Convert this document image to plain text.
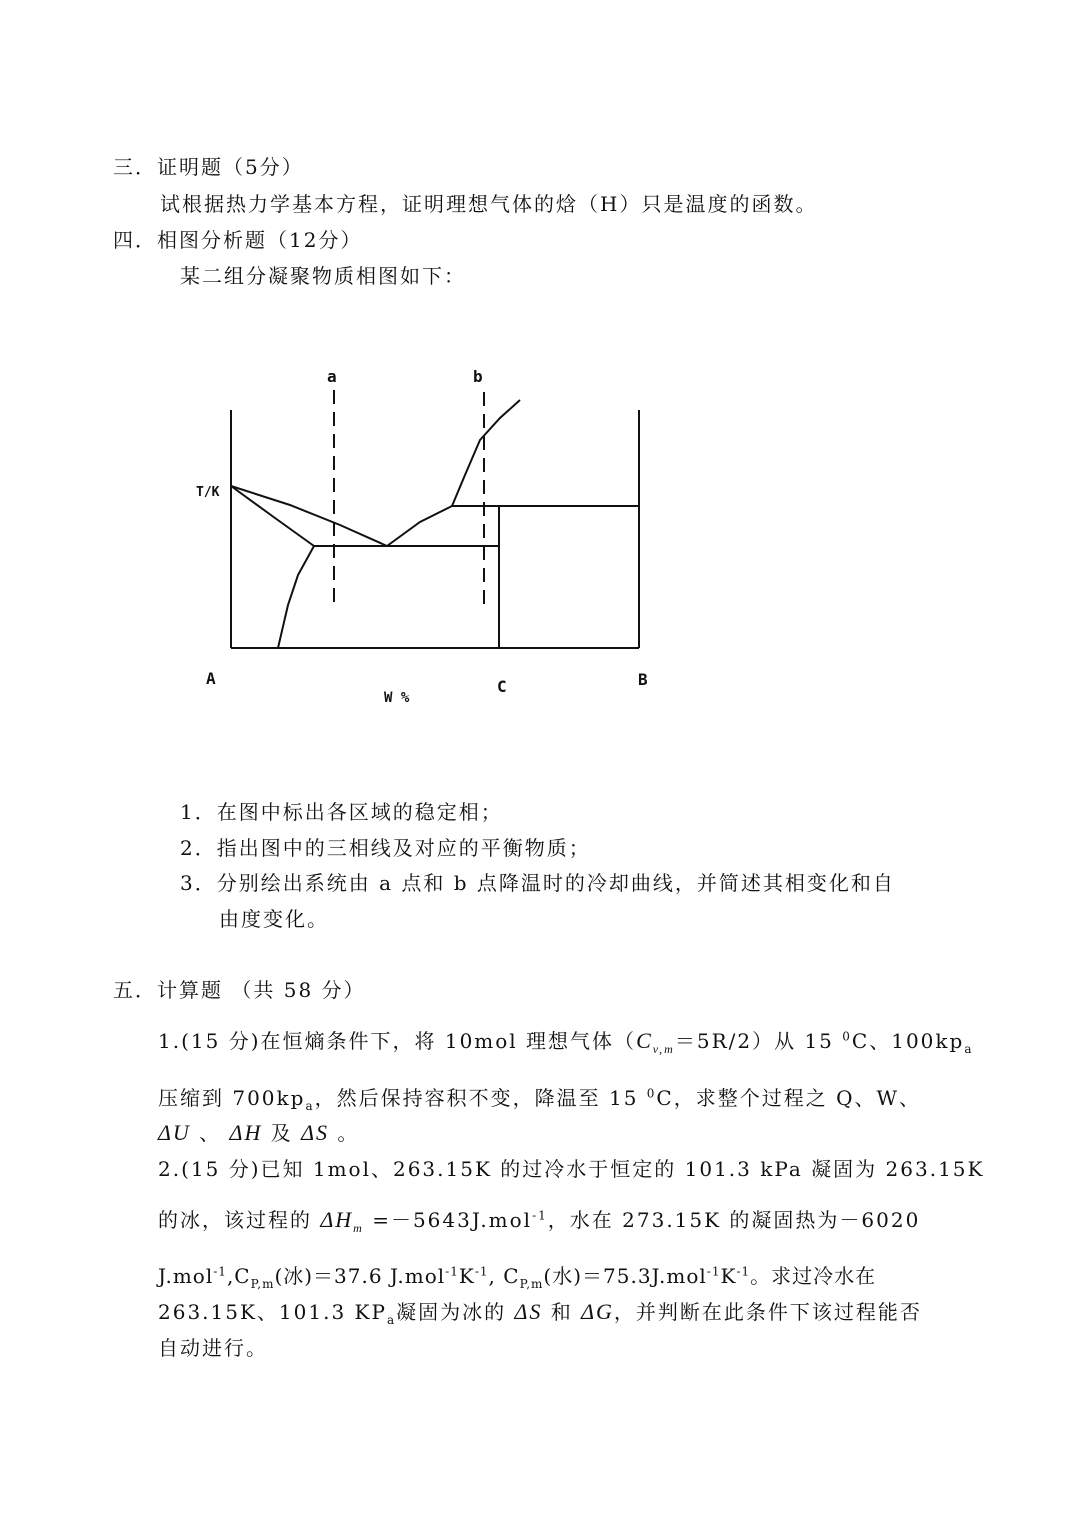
三．证明题（5分）
试根据热力学基本方程，证明理想气体的焓（H）只是温度的函数。
四．相图分析题（12分）
某二组分凝聚物质相图如下：
a	b
T/K
A	B
C
W %
1．在图中标出各区域的稳定相；
2．指出图中的三相线及对应的平衡物质；
3．分别绘出系统由 a 点和 b 点降温时的冷却曲线，并简述其相变化和自
由度变化。
五．计算题 （共 58 分）
1.(15 分)在恒熵条件下，将 10mol 理想气体$(C_{v,m}=5R/2)$从 15 $^0$C、$100kp_a$
压缩到 $700kp_a$，然后保持容积不变，降温至 15 $^0$C，求整个过程之 Q、W、
ΔU 、 ΔH 及 ΔS 。
2.(15 分)已知 1mol、263.15K 的过冷水于恒定的 101.3 kPa 凝固为 263.15K
的冰，该过程的 $\Delta H_m =-5643J.mol^{-1}$，水在 273.15K 的凝固热为－6020
$J.mol^{-1},C_{P,m}$(冰)＝37.6 $J.mol^{-1}K^{-1}$, $C_{P,m}$(水)$=75.3J.mol^{-1}K^{-1}$。求过冷水在
263.15K、101.3 $KP_a$凝固为冰的 ΔS 和 ΔG，并判断在此条件下该过程能否
自动进行。
